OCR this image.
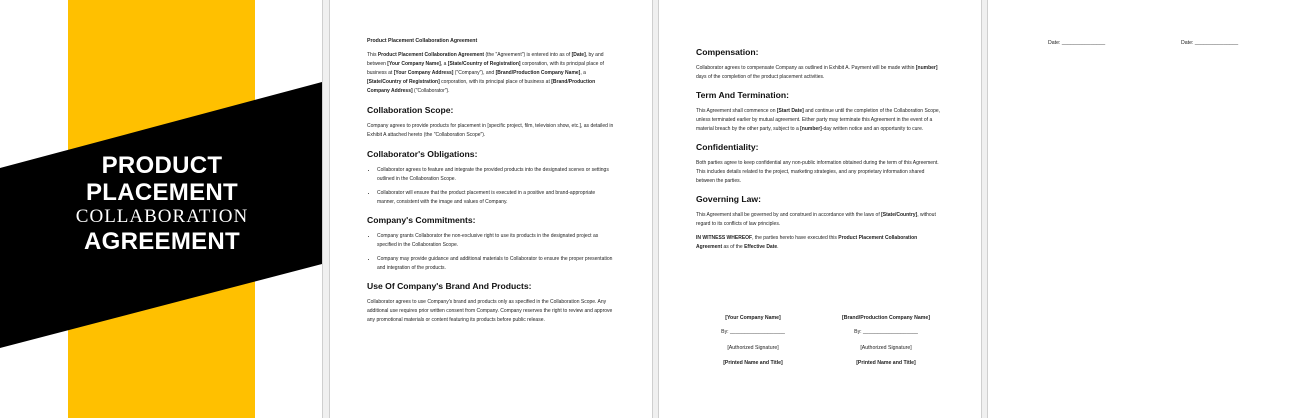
PRODUCT
PLACEMENT
COLLABORATION
AGREEMENT

Product Placement Collaboration Agreement

This Product Placement Collaboration Agreement (the "Agreement") is entered into as of [Date], by and between [Your Company Name], a [State/Country of Registration] corporation, with its principal place of business at [Your Company Address] ("Company"), and [Brand/Production Company Name], a [State/Country of Registration] corporation, with its principal place of business at [Brand/Production Company Address] ("Collaborator").

Collaboration Scope:

Company agrees to provide products for placement in [specific project, film, television show, etc.], as detailed in Exhibit A attached hereto (the "Collaboration Scope").

Collaborator's Obligations:
• Collaborator agrees to feature and integrate the provided products into the designated scenes or settings outlined in the Collaboration Scope.
• Collaborator will ensure that the product placement is executed in a positive and brand-appropriate manner, consistent with the image and values of Company.
Company's Commitments:
• Company grants Collaborator the non-exclusive right to use its products in the designated project as specified in the Collaboration Scope.
• Company may provide guidance and additional materials to Collaborator to ensure the proper presentation and integration of the products.
Use Of Company's Brand And Products:

Collaborator agrees to use Company's brand and products only as specified in the Collaboration Scope. Any additional use requires prior written consent from Company. Company reserves the right to review and approve any promotional materials or content featuring its products before public release.

Compensation:

Collaborator agrees to compensate Company as outlined in Exhibit A. Payment will be made within [number] days of the completion of the product placement activities.

Term And Termination:

This Agreement shall commence on [Start Date] and continue until the completion of the Collaboration Scope, unless terminated earlier by mutual agreement. Either party may terminate this Agreement in the event of a material breach by the other party, subject to a [number]-day written notice and an opportunity to cure.

Confidentiality:

Both parties agree to keep confidential any non-public information obtained during the term of this Agreement. This includes details related to the project, marketing strategies, and any proprietary information shared between the parties.

Governing Law:

This Agreement shall be governed by and construed in accordance with the laws of [State/Country], without regard to its conflicts of law principles.

IN WITNESS WHEREOF, the parties hereto have executed this Product Placement Collaboration Agreement as of the Effective Date.

[Your Company Name]
By: ___________________
[Authorized Signature]
[Printed Name and Title]
[Brand/Production Company Name]
By: ___________________
[Authorized Signature]
[Printed Name and Title]
Date: _______________	Date: _______________
